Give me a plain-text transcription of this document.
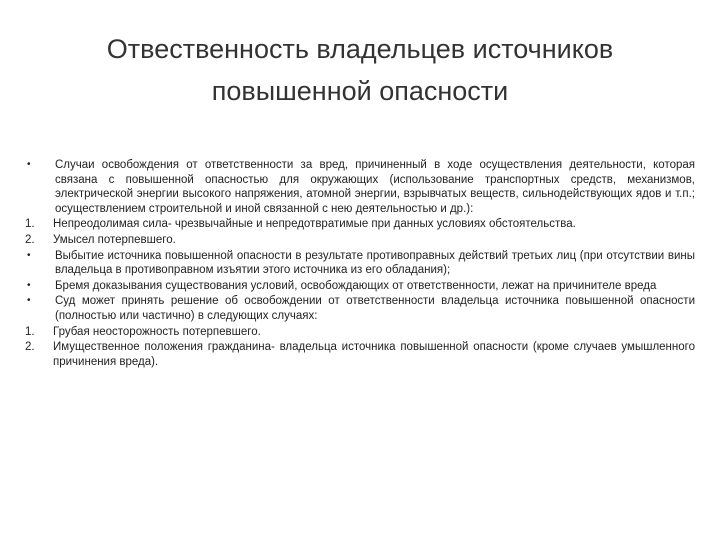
Отвественность владельцев источников
повышенной опасности
•	Случаи освобождения от ответственности за вред, причиненный в ходе осуществления деятельности, которая связана с повышенной опасностью для окружающих (использование транспортных средств, механизмов, электрической энергии высокого напряжения, атомной энергии, взрывчатых веществ, сильнодействующих ядов и т.п.; осуществлением строительной и иной связанной с нею деятельностью и др.):
1.	Непреодолимая сила- чрезвычайные и непредотвратимые при данных условиях обстоятельства.
2.	Умысел потерпевшего.
•	Выбытие источника повышенной опасности в результате противоправных действий третьих лиц (при отсутствии вины владельца в противоправном изъятии этого источника из его обладания);
•	Бремя доказывания существования условий, освобождающих от ответственности, лежат на причинителе вреда
•	Суд может принять решение об освобождении от ответственности владельца источника повышенной опасности (полностью или частично) в следующих случаях:
1.	Грубая неосторожность потерпевшего.
2.	Имущественное положения гражданина- владельца источника повышенной опасности (кроме случаев умышленного причинения вреда).
